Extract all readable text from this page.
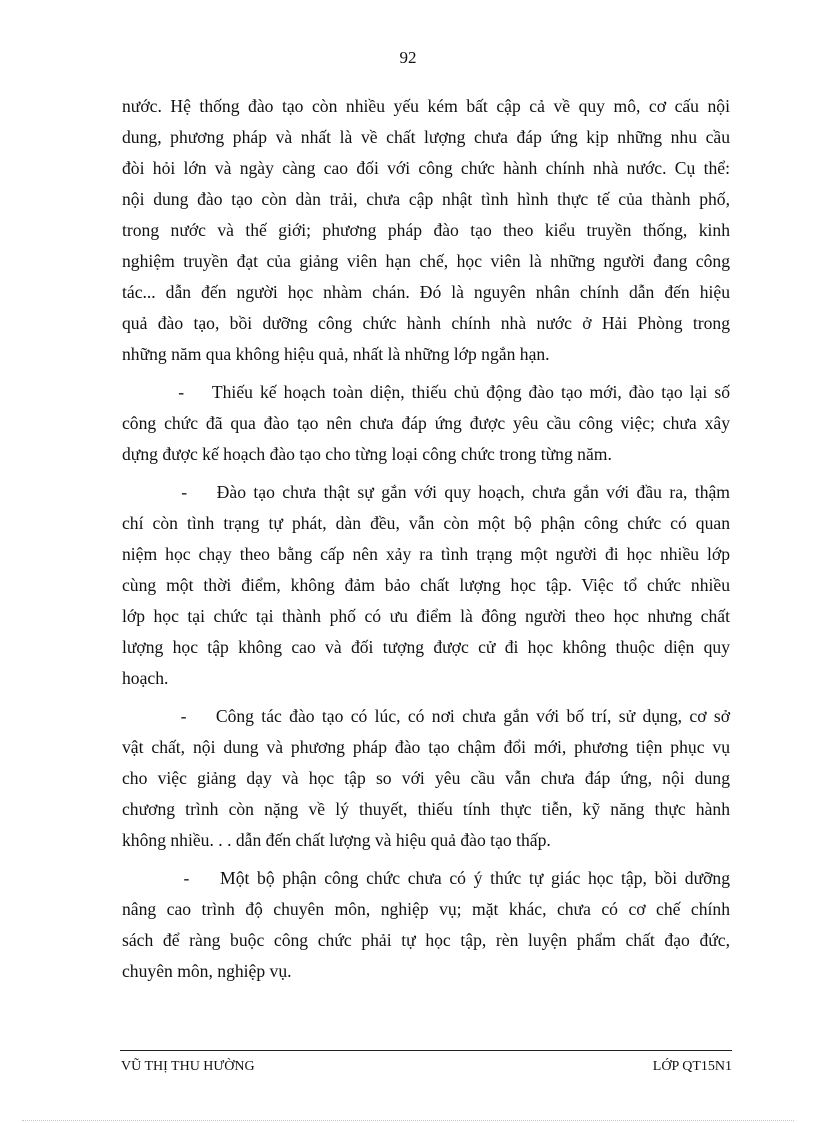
92
nước. Hệ thống đào tạo còn nhiều yếu kém bất cập cả về quy mô, cơ cấu nội
dung, phương pháp và nhất là về chất lượng chưa đáp ứng kịp những nhu cầu
đòi hỏi lớn và ngày càng cao đối với công chức hành chính nhà nước. Cụ thể:
nội dung đào tạo còn dàn trải, chưa cập nhật tình hình thực tế của thành phố,
trong nước và thế giới; phương pháp đào tạo theo kiểu truyền thống, kinh
nghiệm truyền đạt của giảng viên hạn chế, học viên là những người đang công
tác... dẫn đến người học nhàm chán. Đó là nguyên nhân chính dẫn đến hiệu
quả đào tạo, bồi dưỡng công chức hành chính nhà nước ở Hải Phòng trong
những năm qua không hiệu quả, nhất là những lớp ngắn hạn.
-    Thiếu kế hoạch toàn diện, thiếu chủ động đào tạo mới, đào tạo lại số
công chức đã qua đào tạo nên chưa đáp ứng được yêu cầu công việc; chưa xây
dựng được kế hoạch đào tạo cho từng loại công chức trong từng năm.
-    Đào tạo chưa thật sự gắn với quy hoạch, chưa gắn với đầu ra, thậm
chí còn tình trạng tự phát, dàn đều, vẫn còn một bộ phận công chức có quan
niệm học chạy theo bằng cấp nên xảy ra tình trạng một người đi học nhiều lớp
cùng một thời điểm, không đảm bảo chất lượng học tập. Việc tổ chức nhiều
lớp học tại chức tại thành phố có ưu điểm là đông người theo học nhưng chất
lượng học tập không cao và đối tượng được cử đi học không thuộc diện quy
hoạch.
-    Công tác đào tạo có lúc, có nơi chưa gắn với bố trí, sử dụng, cơ sở
vật chất, nội dung và phương pháp đào tạo chậm đổi mới, phương tiện phục vụ
cho việc giảng dạy và học tập so với yêu cầu vẫn chưa đáp ứng, nội dung
chương trình còn nặng về lý thuyết, thiếu tính thực tiễn, kỹ năng thực hành
không nhiều. . . dẫn đến chất lượng và hiệu quả đào tạo thấp.
-    Một bộ phận công chức chưa có ý thức tự giác học tập, bồi dưỡng
nâng cao trình độ chuyên môn, nghiệp vụ; mặt khác, chưa có cơ chế chính
sách để ràng buộc công chức phải tự học tập, rèn luyện phẩm chất đạo đức,
chuyên môn, nghiệp vụ.
VŨ THỊ THU HƯỜNG	LỚP QT15N1
